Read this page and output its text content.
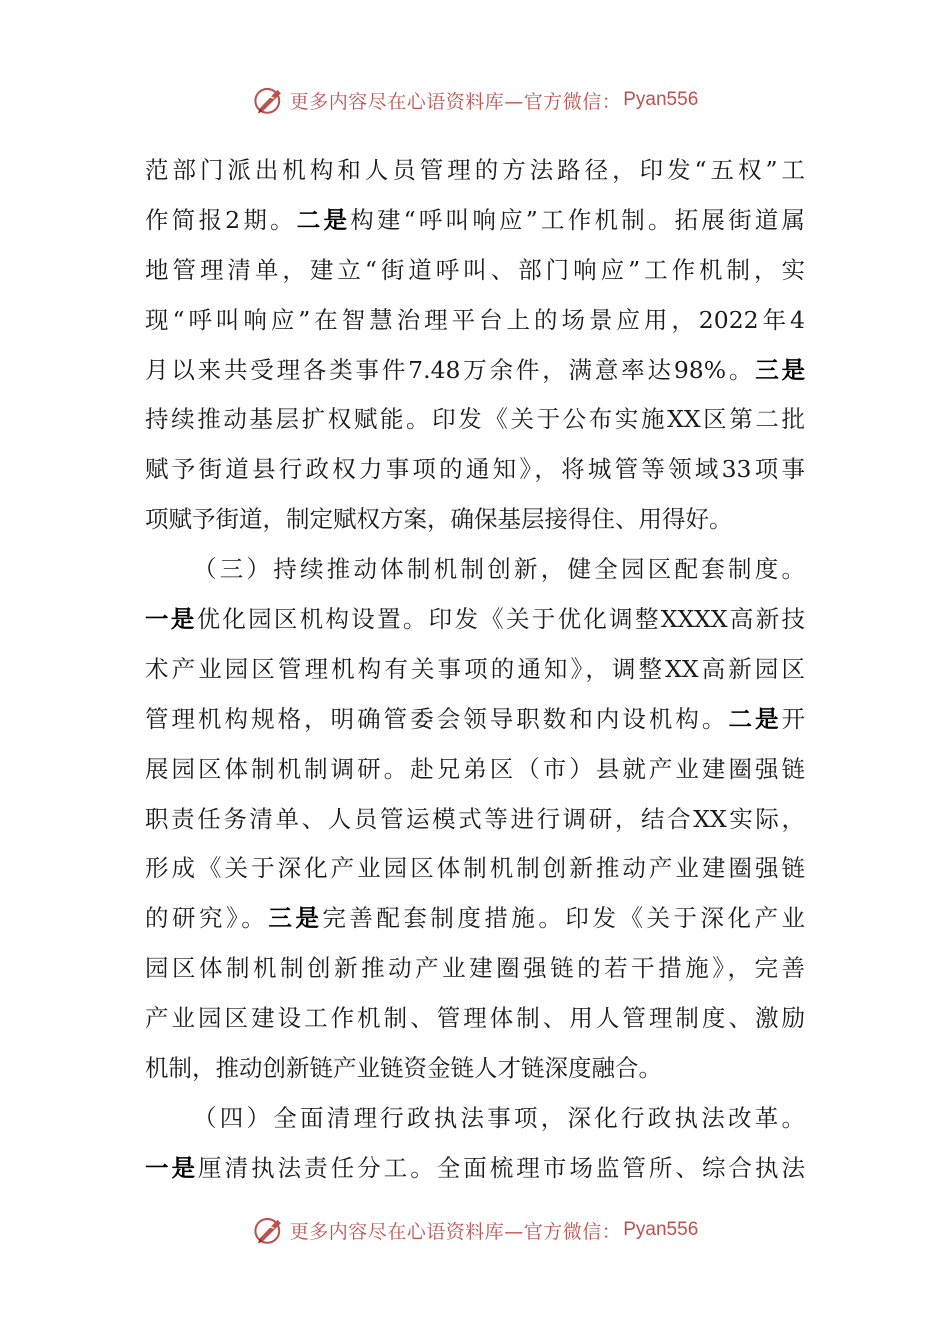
更多内容尽在心语资料库—官方微信： Pyan556
范部门派出机构和人员管理的方法路径，印发“五权”工
作简报2期。二是构建“呼叫响应”工作机制。拓展街道属
地管理清单，建立“街道呼叫、部门响应”工作机制，实
现“呼叫响应”在智慧治理平台上的场景应用，2022年4
月以来共受理各类事件7.48万余件，满意率达98%。三是
持续推动基层扩权赋能。印发《关于公布实施XX区第二批
赋予街道县行政权力事项的通知》，将城管等领域33项事
项赋予街道，制定赋权方案，确保基层接得住、用得好。
（三）持续推动体制机制创新，健全园区配套制度。
一是优化园区机构设置。印发《关于优化调整XXXX高新技
术产业园区管理机构有关事项的通知》，调整XX高新园区
管理机构规格，明确管委会领导职数和内设机构。二是开
展园区体制机制调研。赴兄弟区（市）县就产业建圈强链
职责任务清单、人员管运模式等进行调研，结合XX实际，
形成《关于深化产业园区体制机制创新推动产业建圈强链
的研究》。三是完善配套制度措施。印发《关于深化产业
园区体制机制创新推动产业建圈强链的若干措施》，完善
产业园区建设工作机制、管理体制、用人管理制度、激励
机制，推动创新链产业链资金链人才链深度融合。
（四）全面清理行政执法事项，深化行政执法改革。
一是厘清执法责任分工。全面梳理市场监管所、综合执法
更多内容尽在心语资料库—官方微信： Pyan556
